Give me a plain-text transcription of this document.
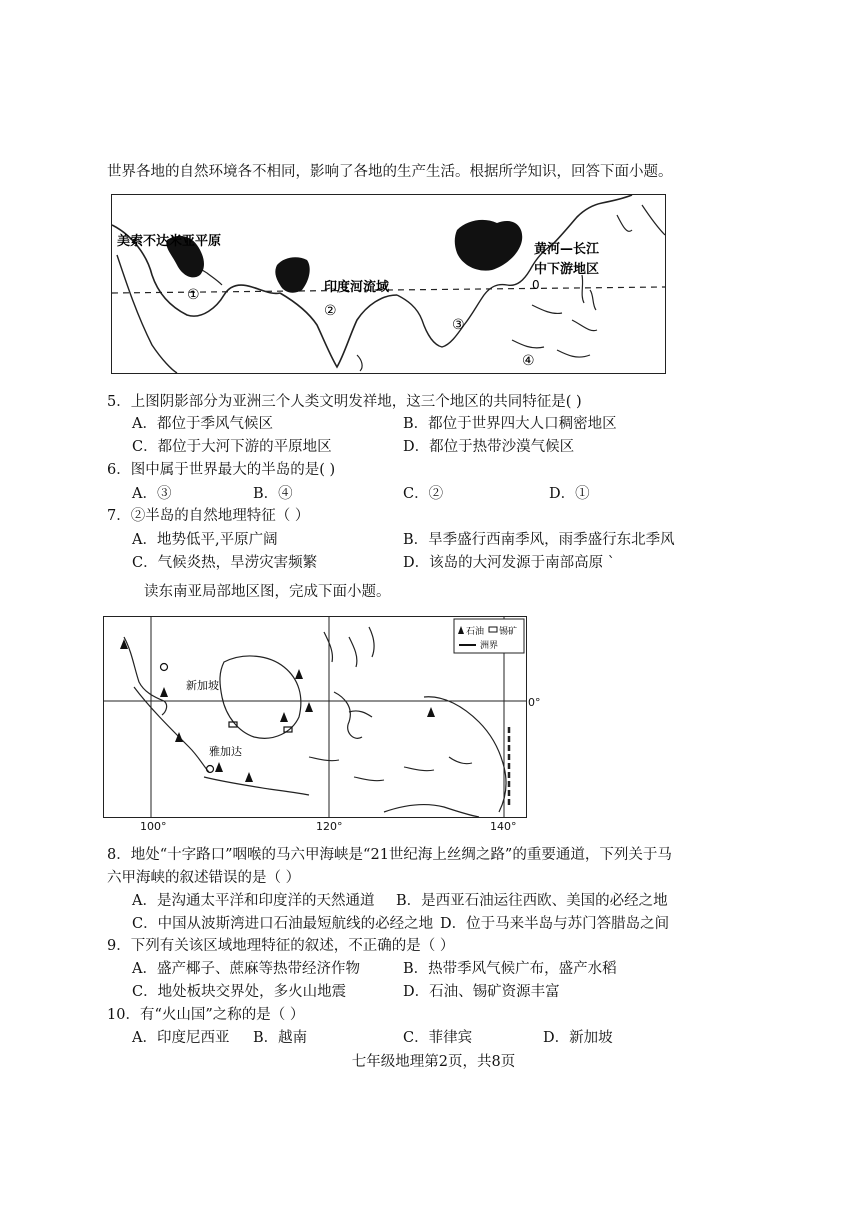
世界各地的自然环境各不相同，影响了各地的生产生活。根据所学知识，回答下面小题。
美索不达米亚平原
印度河流域
黄河—长江
中下游地区
①
②
③
④
0
5．上图阴影部分为亚洲三个人类文明发祥地，这三个地区的共同特征是( )
A．都位于季风气候区	B．都位于世界四大人口稠密地区
C．都位于大河下游的平原地区	D．都位于热带沙漠气候区
6．图中属于世界最大的半岛的是( )
A．③	B．④	C．②	D．①
7．②半岛的自然地理特征（ ）
A．地势低平,平原广阔	B．旱季盛行西南季风，雨季盛行东北季风
C．气候炎热，旱涝灾害频繁	D．该岛的大河发源于南部高原 `
读东南亚局部地区图，完成下面小题。
新加坡
雅加达
石油 锡矿
洲界
0°
100°	120°	140°
8．地处“十字路口”咽喉的马六甲海峡是“21世纪海上丝绸之路”的重要通道，下列关于马
六甲海峡的叙述错误的是（ ）
A．是沟通太平洋和印度洋的天然通道 B．是西亚石油运往西欧、美国的必经之地
C．中国从波斯湾进口石油最短航线的必经之地 D．位于马来半岛与苏门答腊岛之间
9．下列有关该区域地理特征的叙述，不正确的是（ ）
A．盛产椰子、蔗麻等热带经济作物	B．热带季风气候广布，盛产水稻
C．地处板块交界处，多火山地震	D．石油、锡矿资源丰富
10．有“火山国”之称的是（ ）
A．印度尼西亚 B．越南	C．菲律宾	D．新加坡
七年级地理第2页，共8页
